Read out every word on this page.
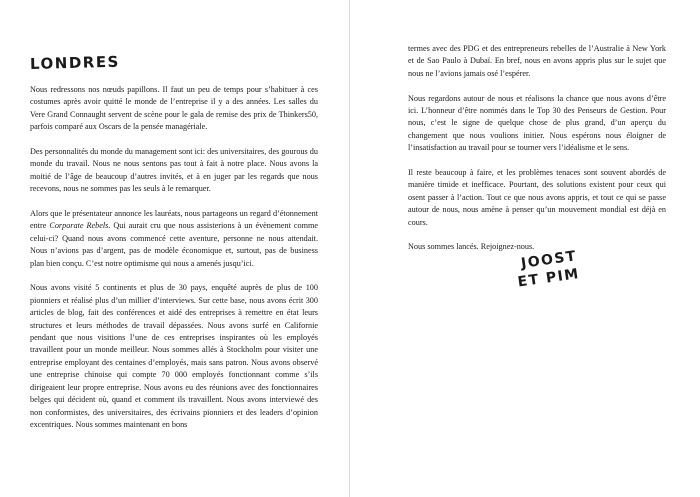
LONDRES

Nous redressons nos nœuds papillons. Il faut un peu de temps pour s’habituer à ces costumes après avoir quitté le monde de l’entreprise il y a des années. Les salles du Vere Grand Connaught servent de scène pour le gala de remise des prix de Thinkers50, parfois comparé aux Oscars de la pensée managériale.

Des personnalités du monde du management sont ici: des universitaires, des gourous du monde du travail. Nous ne nous sentons pas tout à fait à notre place. Nous avons la moitié de l’âge de beaucoup d’autres invités, et à en juger par les regards que nous recevons, nous ne sommes pas les seuls à le remarquer.

Alors que le présentateur annonce les lauréats, nous partageons un regard d’étonnement entre Corporate Rebels. Qui aurait cru que nous assisterions à un évènement comme celui-ci? Quand nous avons commencé cette aventure, personne ne nous attendait. Nous n’avions pas d’argent, pas de modèle économique et, surtout, pas de business plan bien conçu. C’est notre optimisme qui nous a amenés jusqu’ici.

Nous avons visité 5 continents et plus de 30 pays, enquêté auprès de plus de 100 pionniers et réalisé plus d’un millier d’interviews. Sur cette base, nous avons écrit 300 articles de blog, fait des conférences et aidé des entreprises à remettre en état leurs structures et leurs méthodes de travail dépassées. Nous avons surfé en Californie pendant que nous visitions l’une de ces entreprises inspirantes où les employés travaillent pour un monde meilleur. Nous sommes allés à Stockholm pour visiter une entreprise employant des centaines d’employés, mais sans patron. Nous avons observé une entreprise chinoise qui compte 70 000 employés fonctionnant comme s’ils dirigeaient leur propre entreprise. Nous avons eu des réunions avec des fonctionnaires belges qui décident où, quand et comment ils travaillent. Nous avons interviewé des non conformistes, des universitaires, des écrivains pionniers et des leaders d’opinion excentriques. Nous sommes maintenant en bons

termes avec des PDG et des entrepreneurs rebelles de l’Australie à New York et de Sao Paulo à Dubaï. En bref, nous en avons appris plus sur le sujet que nous ne l’avions jamais osé l’espérer.

Nous regardons autour de nous et réalisons la chance que nous avons d’être ici. L’honneur d’être nommés dans le Top 30 des Penseurs de Gestion. Pour nous, c’est le signe de quelque chose de plus grand, d’un aperçu du changement que nous voulions initier. Nous espérons nous éloigner de l’insatisfaction au travail pour se tourner vers l’idéalisme et le sens.

Il reste beaucoup à faire, et les problèmes tenaces sont souvent abordés de manière timide et inefficace. Pourtant, des solutions existent pour ceux qui osent passer à l’action. Tout ce que nous avons appris, et tout ce qui se passe autour de nous, nous amène à penser qu’un mouvement mondial est déjà en cours.

Nous sommes lancés. Rejoignez-nous.

JOOST
ET PIM
